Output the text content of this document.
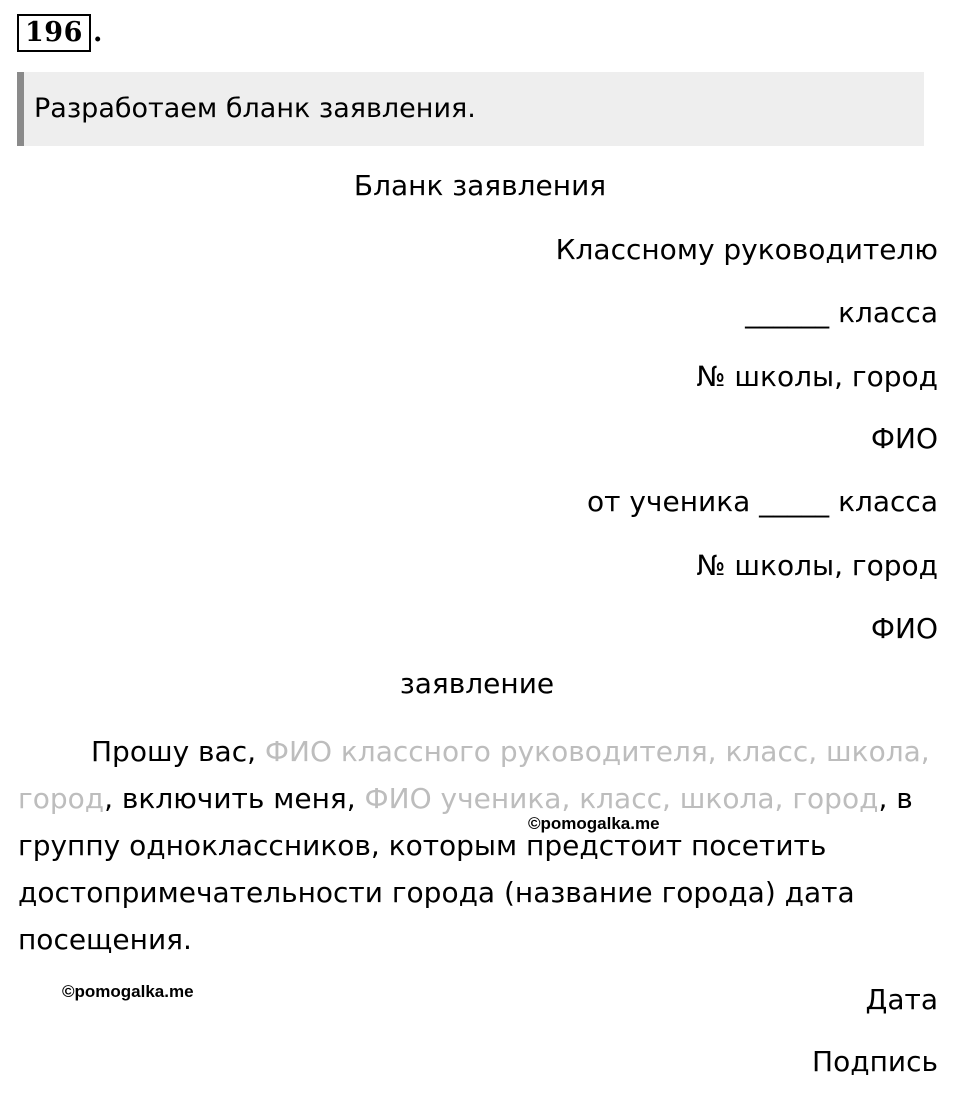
196 .
Разработаем бланк заявления.
Бланк заявления
Классному руководителю
______ класса
№ школы, город
ФИО
от ученика _____ класса
№ школы, город
ФИО
заявление
Прошу вас, ФИО классного руководителя, класс, школа, город, включить меня, ФИО ученика, класс, школа, город, в группу одноклассников, которым предстоит посетить достопримечательности города (название города) дата посещения.
©pomogalka.me
©pomogalka.me	Дата
Подпись
